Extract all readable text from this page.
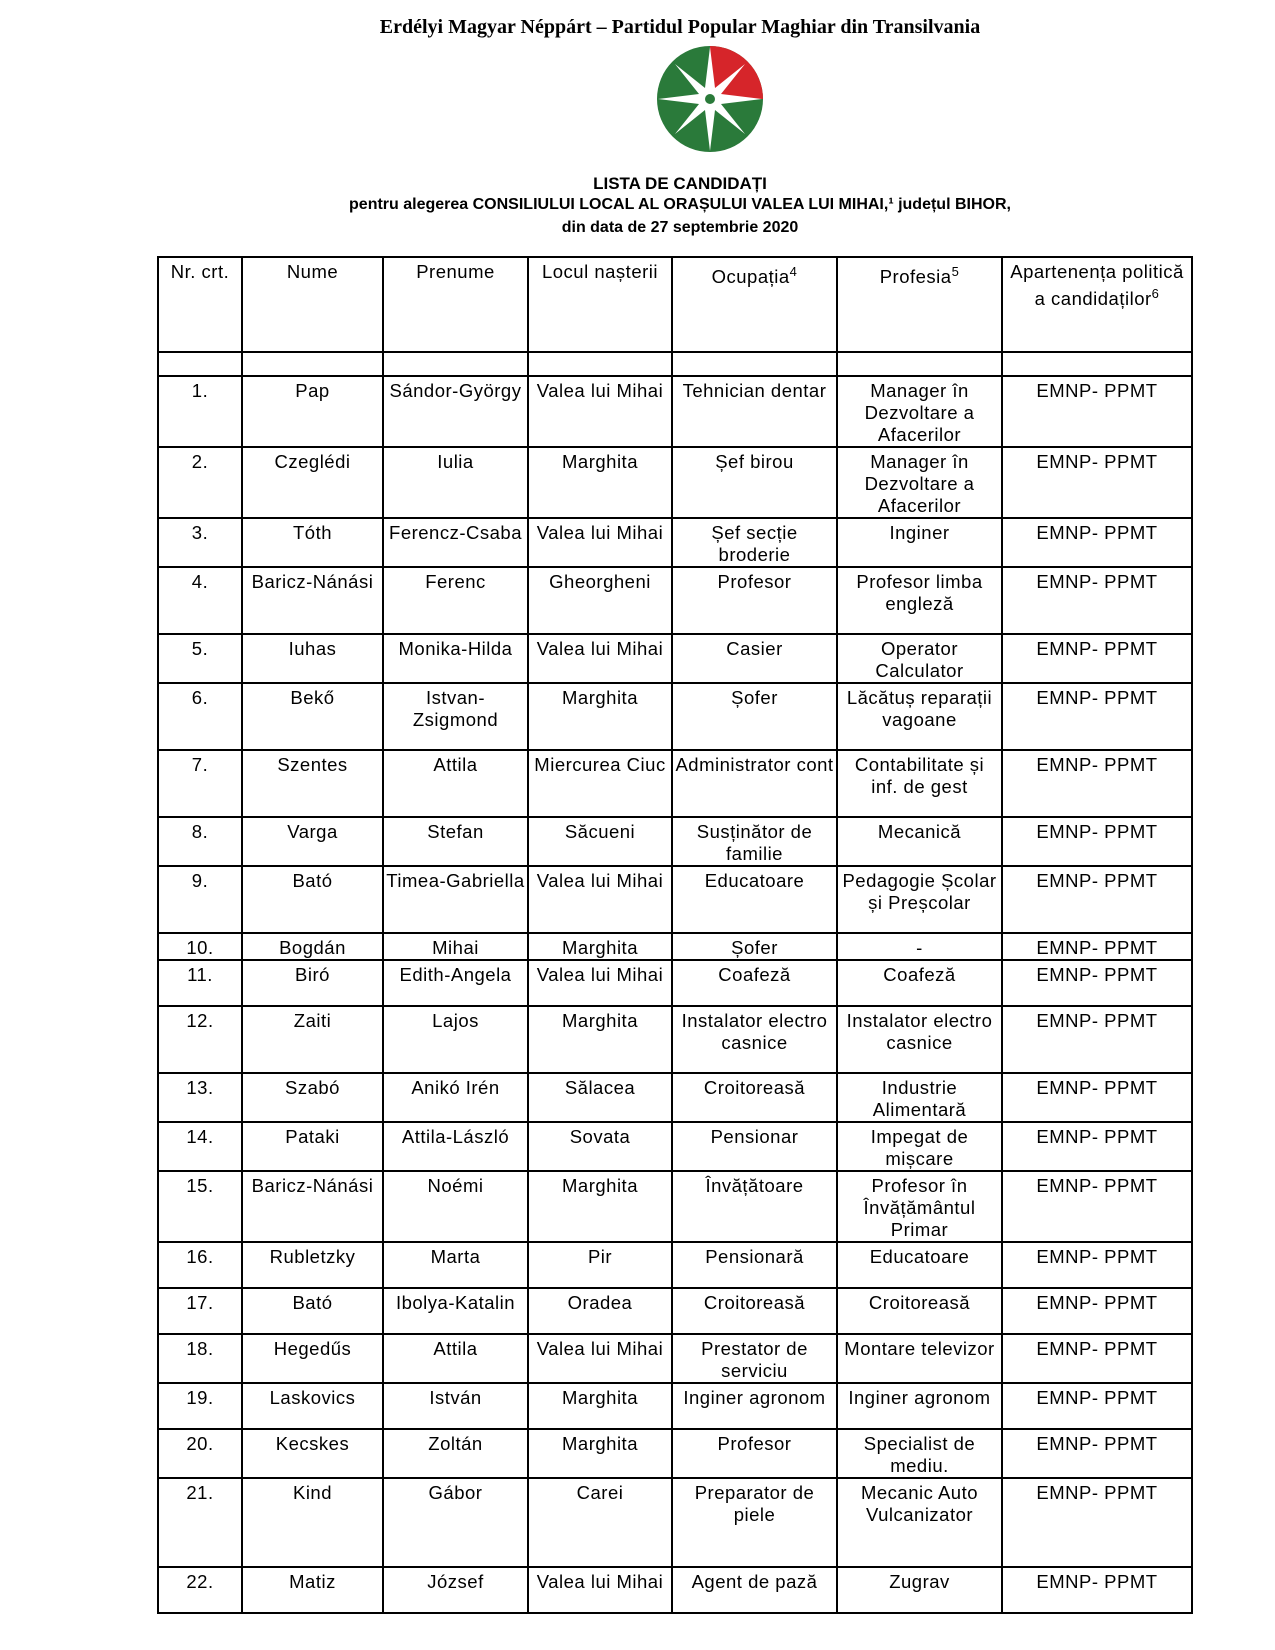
Erdélyi Magyar Néppárt – Partidul Popular Maghiar din Transilvania
LISTA DE CANDIDAȚI
pentru alegerea CONSILIULUI LOCAL AL ORAȘULUI VALEA LUI MIHAI,¹ județul BIHOR,
din data de 27 septembrie 2020
Nr. crt.	Nume	Prenume	Locul nașterii	Ocupația$^4$	Profesia$^5$	Apartenența politică a candidaților$^6$

1.	Pap	Sándor-György	Valea lui Mihai	Tehnician dentar	Manager în Dezvoltare a Afacerilor	EMNP- PPMT
2.	Czeglédi	Iulia	Marghita	Șef birou	Manager în Dezvoltare a Afacerilor	EMNP- PPMT
3.	Tóth	Ferencz-Csaba	Valea lui Mihai	Șef secție broderie	Inginer	EMNP- PPMT
4.	Baricz-Nánási	Ferenc	Gheorgheni	Profesor	Profesor limba engleză	EMNP- PPMT
5.	Iuhas	Monika-Hilda	Valea lui Mihai	Casier	Operator Calculator	EMNP- PPMT
6.	Bekő	Istvan-Zsigmond	Marghita	Șofer	Lăcătuș reparații vagoane	EMNP- PPMT
7.	Szentes	Attila	Miercurea Ciuc	Administrator cont	Contabilitate și inf. de gest	EMNP- PPMT
8.	Varga	Stefan	Săcueni	Susținător de familie	Mecanică	EMNP- PPMT
9.	Bató	Timea-Gabriella	Valea lui Mihai	Educatoare	Pedagogie Școlar și Preșcolar	EMNP- PPMT
10.	Bogdán	Mihai	Marghita	Șofer	-	EMNP- PPMT
11.	Biró	Edith-Angela	Valea lui Mihai	Coafeză	Coafeză	EMNP- PPMT
12.	Zaiti	Lajos	Marghita	Instalator electro casnice	Instalator electro casnice	EMNP- PPMT
13.	Szabó	Anikó Irén	Sălacea	Croitoreasă	Industrie Alimentară	EMNP- PPMT
14.	Pataki	Attila-László	Sovata	Pensionar	Impegat de mișcare	EMNP- PPMT
15.	Baricz-Nánási	Noémi	Marghita	Învățătoare	Profesor în Învățământul Primar	EMNP- PPMT
16.	Rubletzky	Marta	Pir	Pensionară	Educatoare	EMNP- PPMT
17.	Bató	Ibolya-Katalin	Oradea	Croitoreasă	Croitoreasă	EMNP- PPMT
18.	Hegedűs	Attila	Valea lui Mihai	Prestator de serviciu	Montare televizor	EMNP- PPMT
19.	Laskovics	István	Marghita	Inginer agronom	Inginer agronom	EMNP- PPMT
20.	Kecskes	Zoltán	Marghita	Profesor	Specialist de mediu.	EMNP- PPMT
21.	Kind	Gábor	Carei	Preparator de piele	Mecanic Auto Vulcanizator	EMNP- PPMT
22.	Matiz	József	Valea lui Mihai	Agent de pază	Zugrav	EMNP- PPMT
